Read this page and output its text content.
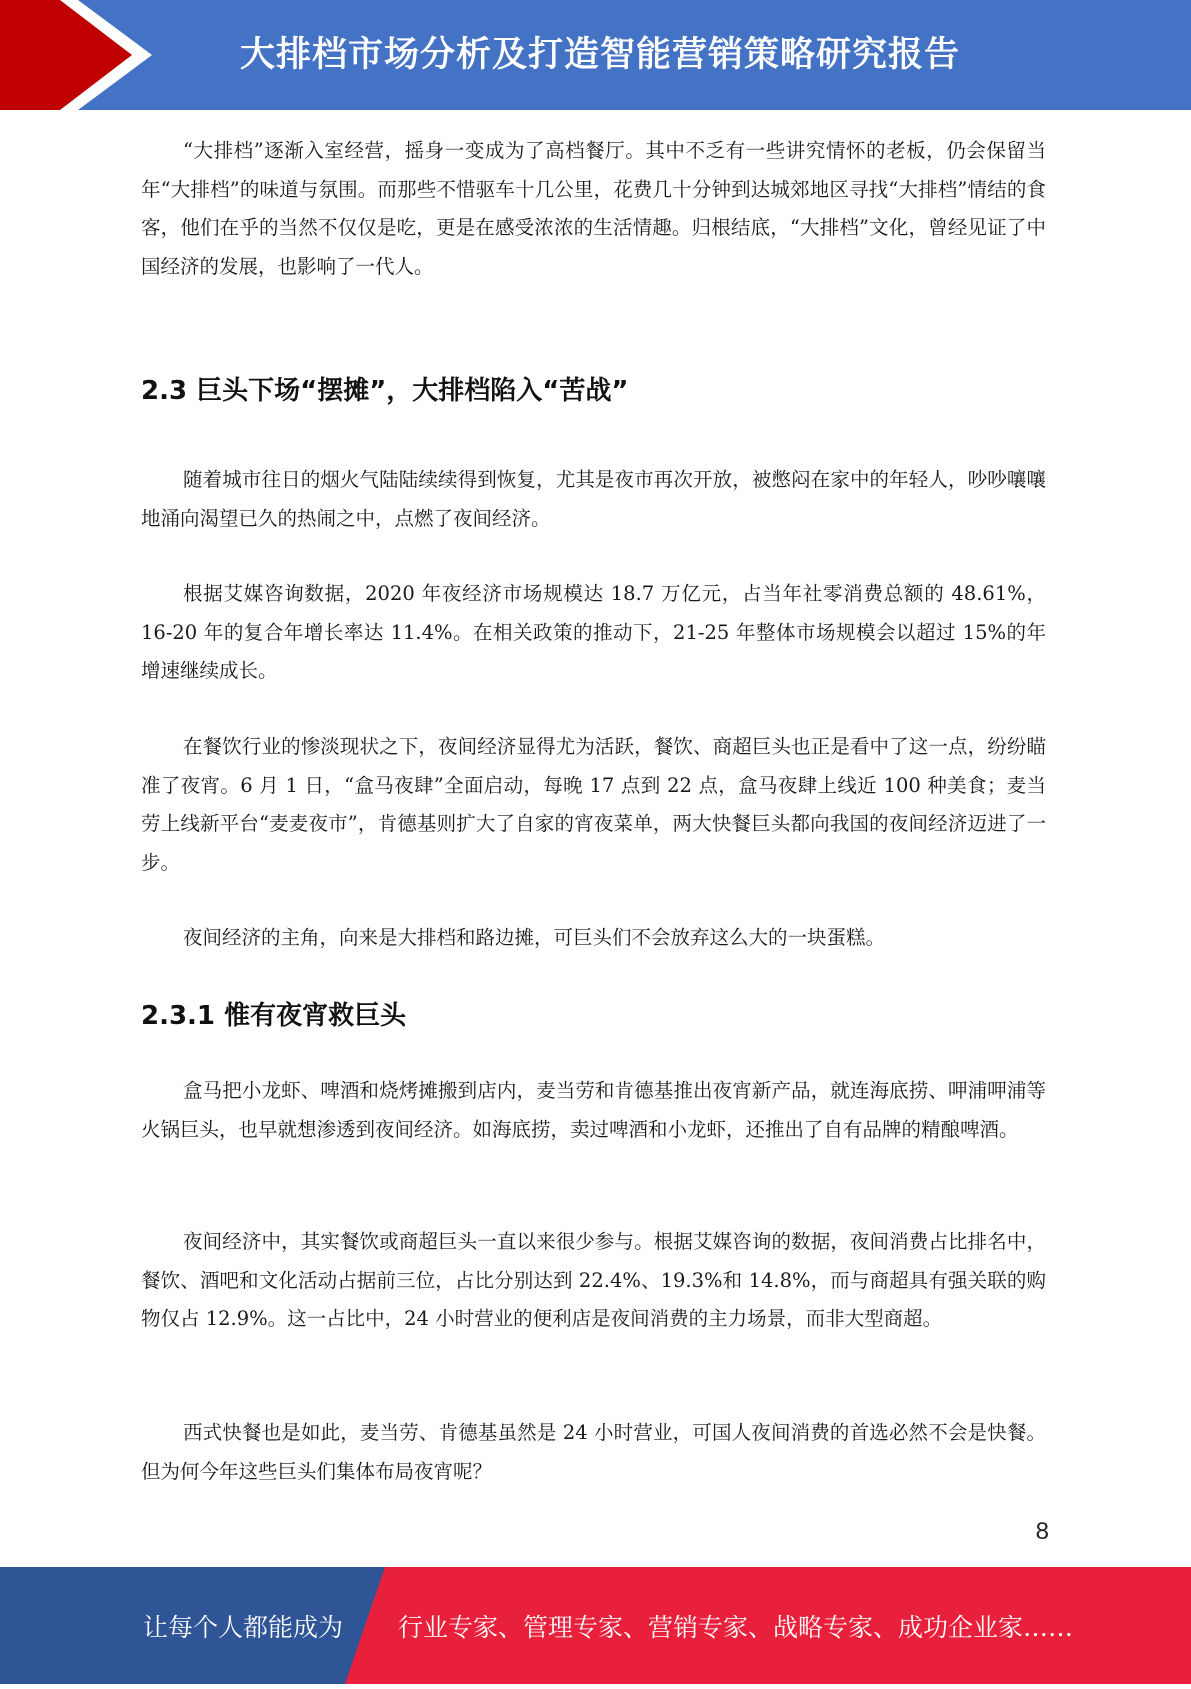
大排档市场分析及打造智能营销策略研究报告

“大排档”逐渐入室经营，摇身一变成为了高档餐厅。其中不乏有一些讲究情怀的老板，仍会保留当年“大排档”的味道与氛围。而那些不惜驱车十几公里，花费几十分钟到达城郊地区寻找“大排档”情结的食客，他们在乎的当然不仅仅是吃，更是在感受浓浓的生活情趣。归根结底，“大排档”文化，曾经见证了中国经济的发展，也影响了一代人。

2.3 巨头下场“摆摊”，大排档陷入“苦战”

随着城市往日的烟火气陆陆续续得到恢复，尤其是夜市再次开放，被憋闷在家中的年轻人，吵吵嚷嚷地涌向渴望已久的热闹之中，点燃了夜间经济。

根据艾媒咨询数据，2020 年夜经济市场规模达 18.7 万亿元，占当年社零消费总额的 48.61%，16-20 年的复合年增长率达 11.4%。在相关政策的推动下，21-25 年整体市场规模会以超过 15%的年增速继续成长。

在餐饮行业的惨淡现状之下，夜间经济显得尤为活跃，餐饮、商超巨头也正是看中了这一点，纷纷瞄准了夜宵。6 月 1 日，“盒马夜肆”全面启动，每晚 17 点到 22 点，盒马夜肆上线近 100 种美食；麦当劳上线新平台“麦麦夜市”，肯德基则扩大了自家的宵夜菜单，两大快餐巨头都向我国的夜间经济迈进了一步。

夜间经济的主角，向来是大排档和路边摊，可巨头们不会放弃这么大的一块蛋糕。

2.3.1 惟有夜宵救巨头

盒马把小龙虾、啤酒和烧烤摊搬到店内，麦当劳和肯德基推出夜宵新产品，就连海底捞、呷浦呷浦等火锅巨头，也早就想渗透到夜间经济。如海底捞，卖过啤酒和小龙虾，还推出了自有品牌的精酿啤酒。

夜间经济中，其实餐饮或商超巨头一直以来很少参与。根据艾媒咨询的数据，夜间消费占比排名中，餐饮、酒吧和文化活动占据前三位，占比分别达到 22.4%、19.3%和 14.8%，而与商超具有强关联的购物仅占 12.9%。这一占比中，24 小时营业的便利店是夜间消费的主力场景，而非大型商超。

西式快餐也是如此，麦当劳、肯德基虽然是 24 小时营业，可国人夜间消费的首选必然不会是快餐。但为何今年这些巨头们集体布局夜宵呢？

8
让每个人都能成为 行业专家、管理专家、营销专家、战略专家、成功企业家……
